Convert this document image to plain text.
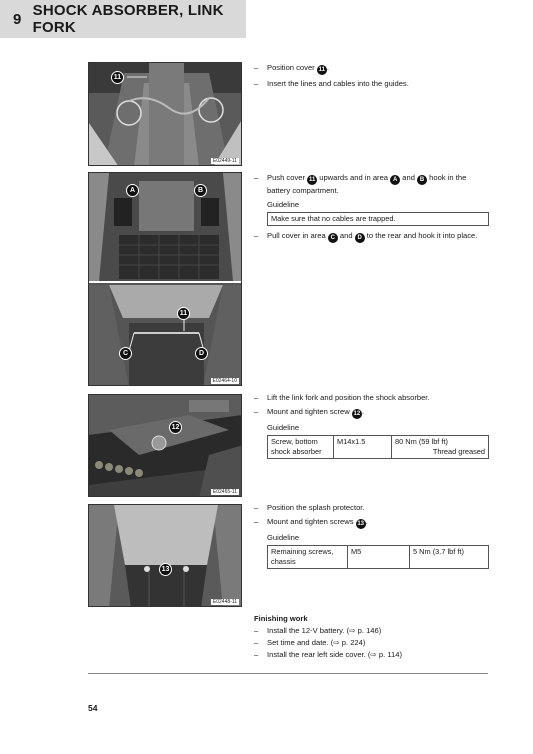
9 SHOCK ABSORBER, LINK FORK
11
E02449-11
A	B
11
C	D
E02464-10
12
E02465-11
13
E02448-11
–	Position cover 11 .
–	Insert the lines and cables into the guides.
–	Push cover 11 upwards and in area A and B hook in the battery compartment.
Guideline
Make sure that no cables are trapped.
–	Pull cover in area C and D to the rear and hook it into place.
–	Lift the link fork and position the shock absorber.
–	Mount and tighten screw 12 .
Guideline
Screw, bottom shock absorber	M14x1.5	80 Nm (59 lbf ft)
Thread greased
–	Position the splash protector.
–	Mount and tighten screws 13 .
Guideline
Remaining screws, chassis	M5	5 Nm (3.7 lbf ft)
Finishing work
–	Install the 12-V battery. (⇨ p. 146)
–	Set time and date. (⇨ p. 224)
–	Install the rear left side cover. (⇨ p. 114)
54
